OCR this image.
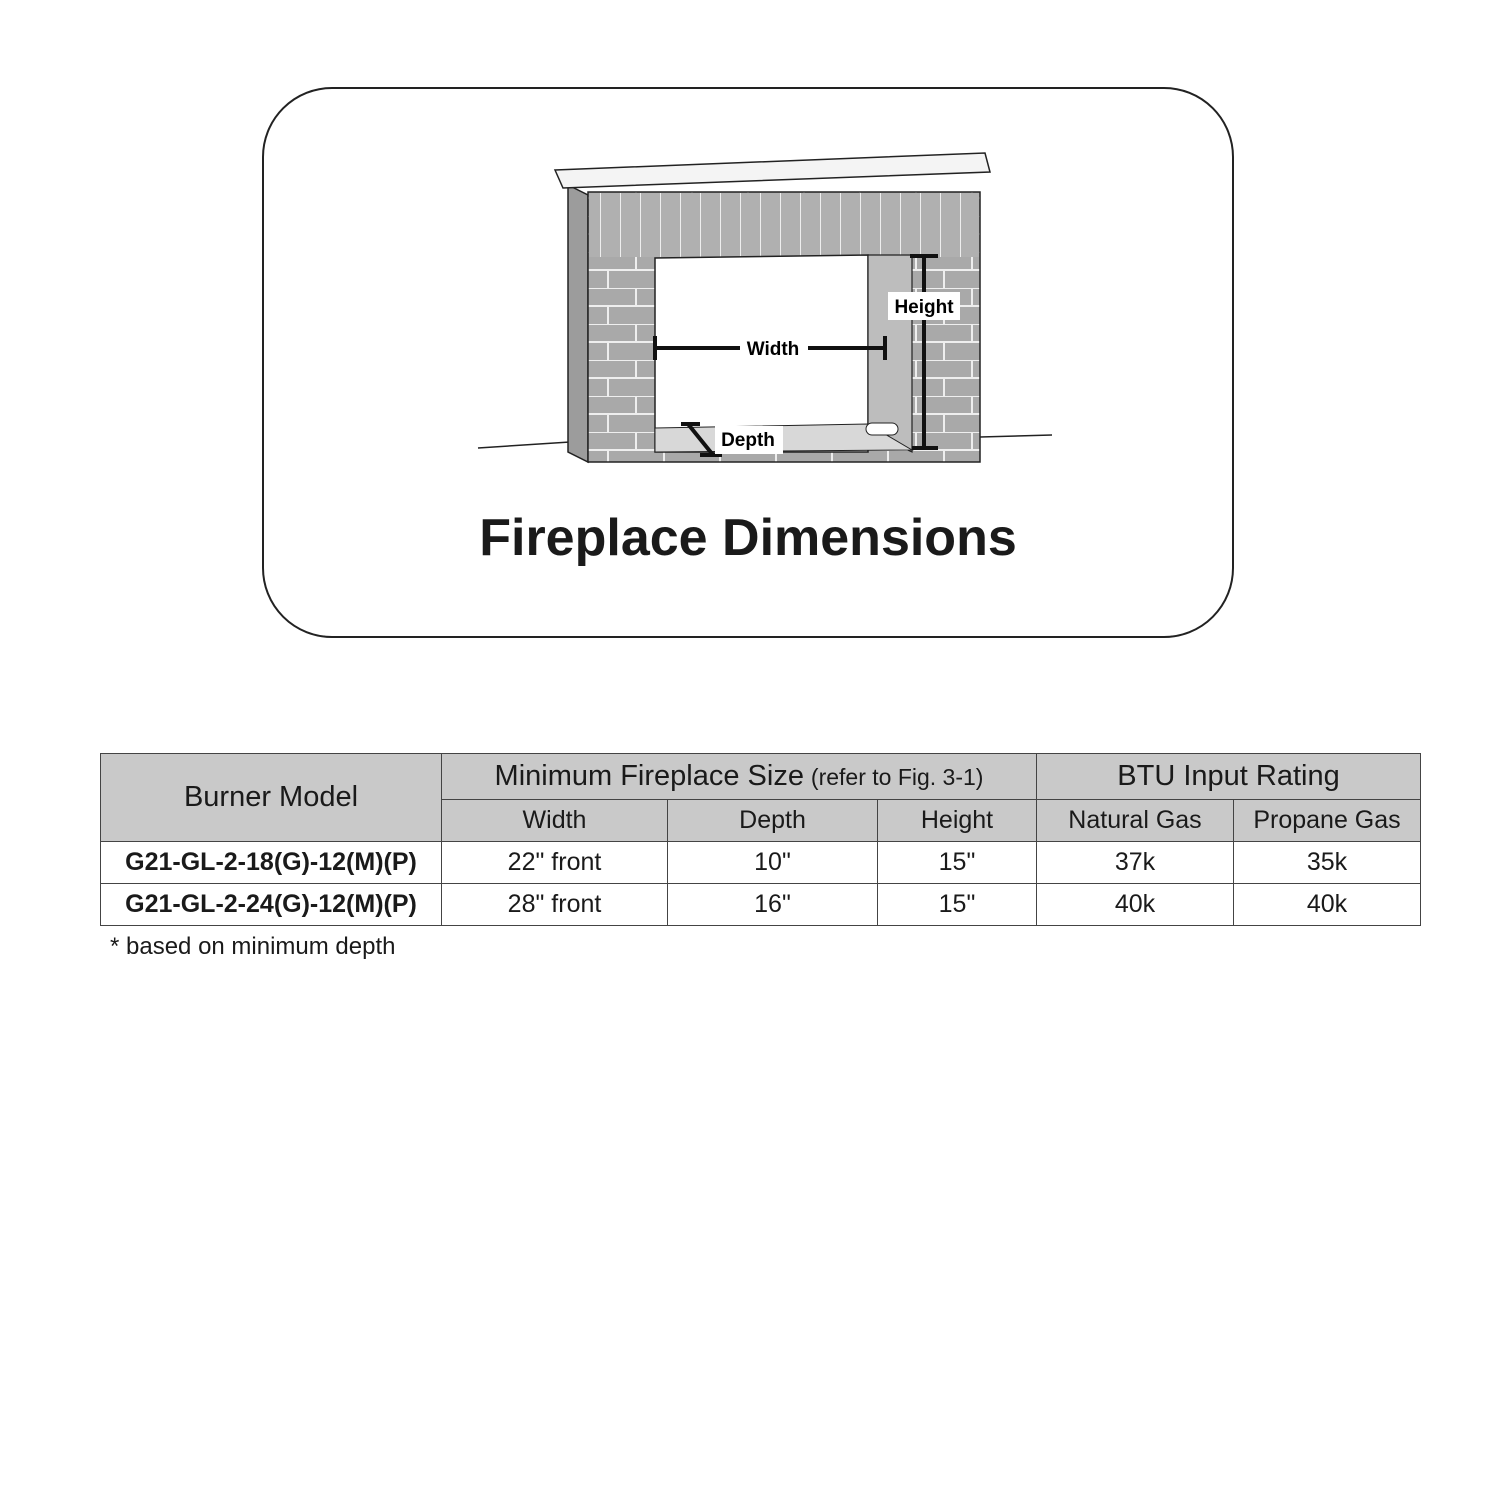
Width
Height
Depth
Fireplace Dimensions
Burner Model	Minimum Fireplace Size (refer to Fig. 3-1)			BTU Input Rating	
	Width	Depth	Height	Natural Gas	Propane Gas
G21-GL-2-18(G)-12(M)(P)	22" front	10"	15"	37k	35k
G21-GL-2-24(G)-12(M)(P)	28" front	16"	15"	40k	40k
* based on minimum depth
